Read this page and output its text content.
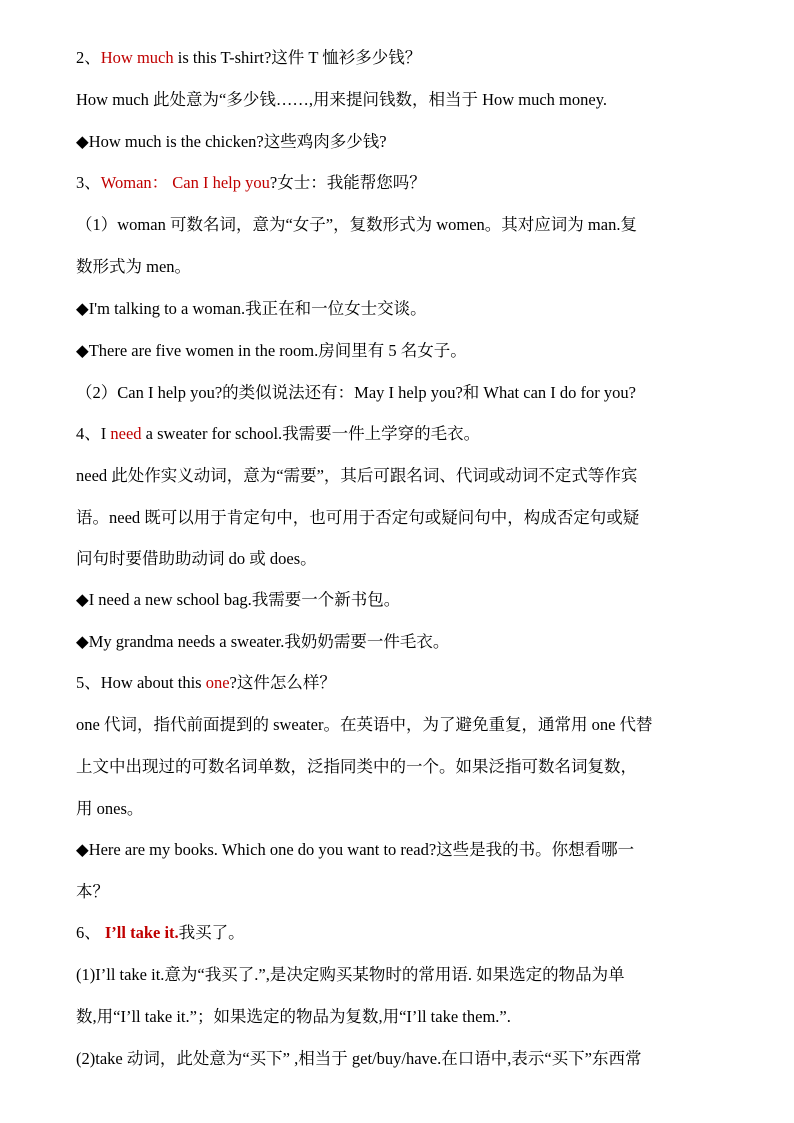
2、How much is this T-shirt?这件 T 恤衫多少钱？
How much 此处意为“多少钱……,用来提问钱数，相当于 How much money.
◆How much is the chicken?这些鸡肉多少钱?
3、Woman： Can I help you?女士：我能帮您吗？
（1）woman 可数名词，意为“女子”，复数形式为 women。其对应词为 man.复
数形式为 men。
◆I'm talking to a woman.我正在和一位女士交谈。
◆There are five women in the room.房间里有 5 名女子。
（2）Can I help you?的类似说法还有：May I help you?和 What can I do for you?
4、I need a sweater for school.我需要一件上学穿的毛衣。
need 此处作实义动词，意为“需要”，其后可跟名词、代词或动词不定式等作宾
语。need 既可以用于肯定句中，也可用于否定句或疑问句中，构成否定句或疑
问句时要借助助动词 do 或 does。
◆I need a new school bag.我需要一个新书包。
◆My grandma needs a sweater.我奶奶需要一件毛衣。
5、How about this one?这件怎么样？
one 代词，指代前面提到的 sweater。在英语中，为了避免重复，通常用 one 代替
上文中出现过的可数名词单数，泛指同类中的一个。如果泛指可数名词复数，
用 ones。
◆Here are my books. Which one do you want to read?这些是我的书。你想看哪一
本？
6、 I’ll take it.我买了。
(1)I’ll take it.意为“我买了.”,是决定购买某物时的常用语. 如果选定的物品为单
数,用“I’ll take it.”；如果选定的物品为复数,用“I’ll take them.”.
(2)take 动词，此处意为“买下” ,相当于 get/buy/have.在口语中,表示“买下”东西常
